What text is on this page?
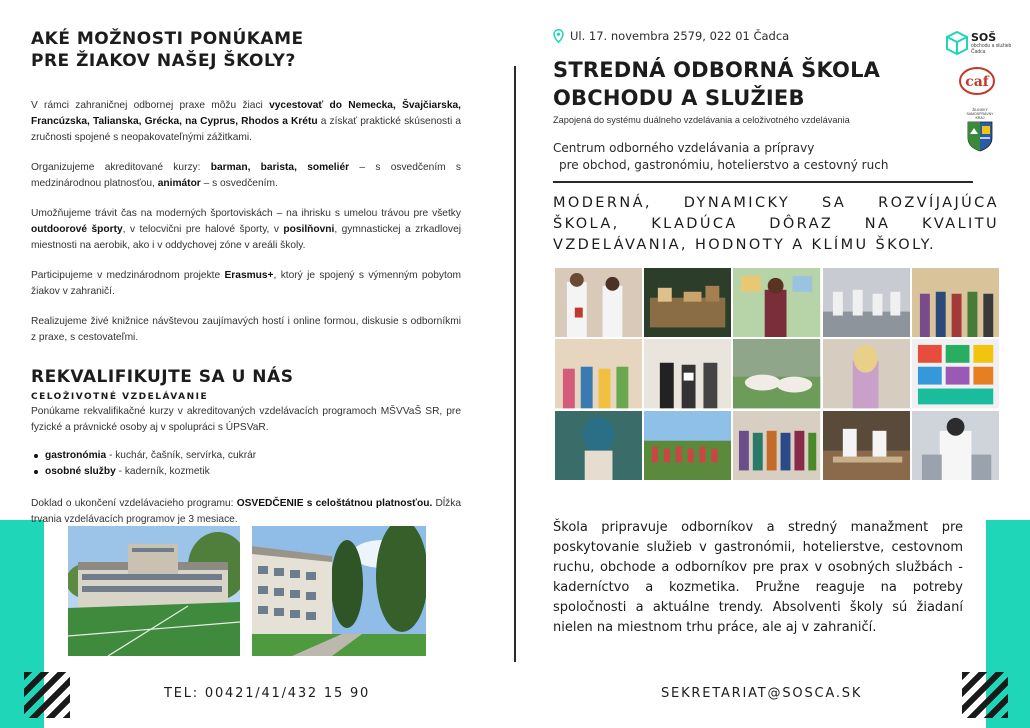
AKÉ MOŽNOSTI PONÚKAME
PRE ŽIAKOV NAŠEJ ŠKOLY?

V rámci zahraničnej odbornej praxe môžu žiaci vycestovať do Nemecka, Švajčiarska, Francúzska, Talianska, Grécka, na Cyprus, Rhodos a Krétu a získať praktické skúsenosti a zručnosti spojené s neopakovateľnými zážitkami.

Organizujeme akreditované kurzy: barman, barista, someliér – s osvedčením s medzinárodnou platnosťou, animátor – s osvedčením.

Umožňujeme trávit čas na moderných športoviskách – na ihrisku s umelou trávou pre všetky outdoorové športy, v telocvični pre halové športy, v posilňovni, gymnastickej a zrkadlovej miestnosti na aerobik, ako i v oddychovej zóne v areáli školy.

Participujeme v medzinárodnom projekte Erasmus+, ktorý je spojený s výmenným pobytom žiakov v zahraničí.

Realizujeme živé knižnice návštevou zaujímavých hostí i online formou, diskusie s odborníkmi z praxe, s cestovateľmi.

REKVALIFIKUJTE SA U NÁS
CELOŽIVOTNÉ VZDELÁVANIE

Ponúkame rekvalifikačné kurzy v akreditovaných vzdelávacích programoch MŠVVaŠ SR, pre fyzické a právnické osoby aj v spolupráci s ÚPSVaR.

gastronómia - kuchár, čašník, servírka, cukrár
osobné služby - kaderník, kozmetik

Doklad o ukončení vzdelávacieho programu: OSVEDČENIE s celoštátnou platnosťou. Dĺžka trvania vzdelávacích programov je 3 mesiace.

Ul. 17. novembra 2579, 022 01 Čadca
STREDNÁ ODBORNÁ ŠKOLA
OBCHODU A SLUŽIEB
Zapojená do systému duálneho vzdelávania a celoživotného vzdelávania
Centrum odborného vzdelávania a prípravy
pre obchod, gastronómiu, hotelierstvo a cestovný ruch
MODERNÁ, DYNAMICKY SA ROZVÍJAJÚCA
ŠKOLA, KLADÚCA DÔRAZ NA KVALITU
VZDELÁVANIA, HODNOTY A KLÍMU ŠKOLY.

Škola pripravuje odborníkov a stredný manažment pre poskytovanie služieb v gastronómii, hotelierstve, cestovnom ruchu, obchode a odborníkov pre prax v osobných službách - kaderníctvo a kozmetika. Pružne reaguje na potreby spoločnosti a aktuálne trendy. Absolventi školy sú žiadaní nielen na miestnom trhu práce, ale aj v zahraničí.

SOŠ
obchodu a služieb
Čadca
caf
ŽILINSKÝ SAMOSPRÁVNY KRAJ
TEL: 00421/41/432 15 90	SEKRETARIAT@SOSCA.SK
